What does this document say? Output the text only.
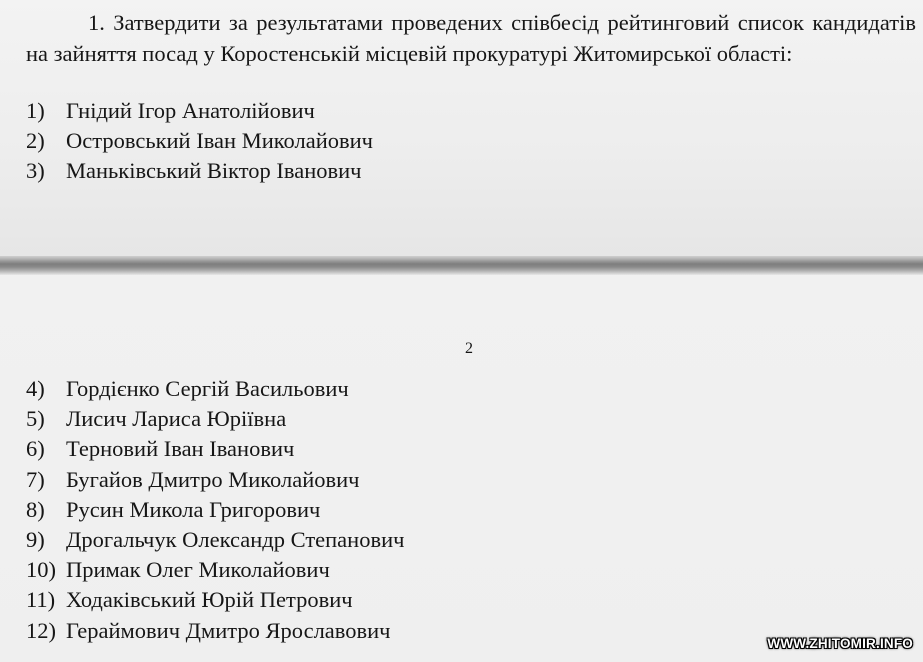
1. Затвердити за результатами проведених співбесід рейтинговий список кандидатів на зайняття посад у Коростенській місцевій прокуратурі Житомирської області:

1) Гнідий Ігор Анатолійович
2) Островський Іван Миколайович
3) Маньківський Віктор Іванович

2

4) Гордієнко Сергій Васильович
5) Лисич Лариса Юріївна
6) Терновий Іван Іванович
7) Бугайов Дмитро Миколайович
8) Русин Микола Григорович
9) Дрогальчук Олександр Степанович
10) Примак Олег Миколайович
11) Ходаківський Юрій Петрович
12) Гераймович Дмитро Ярославович
WWW.ZHITOMIR.INFO
